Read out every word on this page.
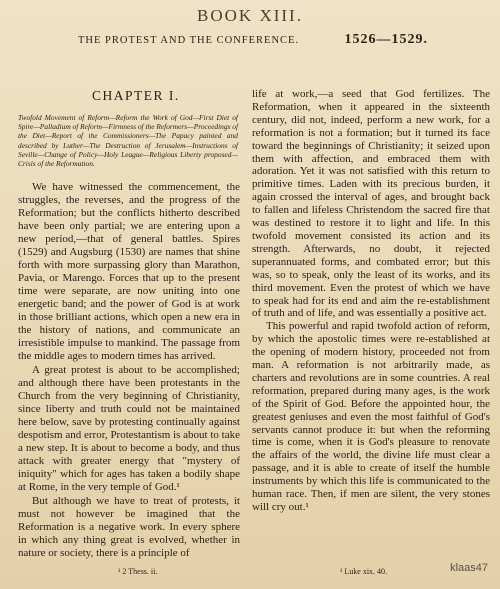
BOOK XIII.
THE PROTEST AND THE CONFERENCE.	1526—1529.
CHAPTER I.
Twofold Movement of Reform—Reform the Work of God—First Diet of Spire—Palladium of Reform—Firmness of the Reformers—Proceedings of the Diet—Report of the Commissioners—The Papacy painted and described by Luther—The Destruction of Jerusalem—Instructions of Seville—Change of Policy—Holy League—Religious Liberty proposed—Crisis of the Reformation.

We have witnessed the commencement, the struggles, the reverses, and the progress of the Reformation; but the conflicts hitherto described have been only partial; we are entering upon a new period,—that of general battles. Spires (1529) and Augsburg (1530) are names that shine forth with more surpassing glory than Marathon, Pavia, or Marengo. Forces that up to the present time were separate, are now uniting into one energetic band; and the power of God is at work in those brilliant actions, which open a new era in the history of nations, and communicate an irresistible impulse to mankind. The passage from the middle ages to modern times has arrived.

A great protest is about to be accomplished; and although there have been protestants in the Church from the very beginning of Christianity, since liberty and truth could not be maintained here below, save by protesting continually against despotism and error, Protestantism is about to take a new step. It is about to become a body, and thus attack with greater energy that "mystery of iniquity" which for ages has taken a bodily shape at Rome, in the very temple of God.¹

But although we have to treat of protests, it must not however be imagined that the Reformation is a negative work. In every sphere in which any thing great is evolved, whether in nature or society, there is a principle of

life at work,—a seed that God fertilizes. The Reformation, when it appeared in the sixteenth century, did not, indeed, perform a new work, for a reformation is not a formation; but it turned its face toward the beginnings of Christianity; it seized upon them with affection, and embraced them with adoration. Yet it was not satisfied with this return to primitive times. Laden with its precious burden, it again crossed the interval of ages, and brought back to fallen and lifeless Christendom the sacred fire that was destined to restore it to light and life. In this twofold movement consisted its action and its strength. Afterwards, no doubt, it rejected superannuated forms, and combated error; but this was, so to speak, only the least of its works, and its third movement. Even the protest of which we have to speak had for its end and aim the re-establishment of truth and of life, and was essentially a positive act.

This powerful and rapid twofold action of reform, by which the apostolic times were re-established at the opening of modern history, proceeded not from man. A reformation is not arbitrarily made, as charters and revolutions are in some countries. A real reformation, prepared during many ages, is the work of the Spirit of God. Before the appointed hour, the greatest geniuses and even the most faithful of God's servants cannot produce it: but when the reforming time is come, when it is God's pleasure to renovate the affairs of the world, the divine life must clear a passage, and it is able to create of itself the humble instruments by which this life is communicated to the human race. Then, if men are silent, the very stones will cry out.¹

¹ 2 Thess. ii.	¹ Luke xix. 40.	klaas47
